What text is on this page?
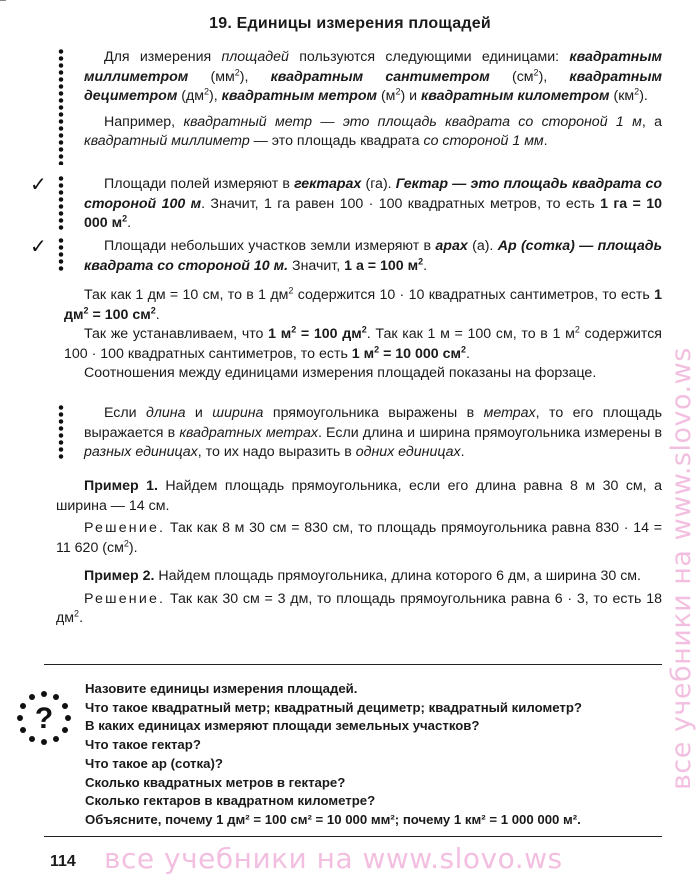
19. Единицы измерения площадей

Для измерения площадей пользуются следующими единицами: квадратным миллиметром $(мм^2)$, квадратным сантиметром $(см^2)$, квадратным дециметром $(дм^2)$, квадратным метром $(м^2)$ и квадратным километром $(км^2)$.

Например, квадратный метр — это площадь квадрата со стороной 1 м, а квадратный миллиметр — это площадь квадрата со стороной 1 мм.

✓	Площади полей измеряют в гектарах (га). Гектар — это площадь квадрата со стороной 100 м. Значит, 1 га равен 100 · 100 квадратных метров, то есть 1 га = 10 000 $м^2$.

✓	Площади небольших участков земли измеряют в арах (а). Ар (сотка) — площадь квадрата со стороной 10 м. Значит, 1 а = 100 $м^2$.

Так как 1 дм = 10 см, то в 1 $дм^2$ содержится 10 · 10 квадратных сантиметров, то есть 1 $дм^2 = 100$ $см^2$.

Так же устанавливаем, что 1 $м^2 = 100$ $дм^2$. Так как 1 м = 100 см, то в 1 $м^2$ содержится 100 · 100 квадратных сантиметров, то есть 1 $м^2 = 10$ 000 $см^2$.

Соотношения между единицами измерения площадей показаны на форзаце.

Если длина и ширина прямоугольника выражены в метрах, то его площадь выражается в квадратных метрах. Если длина и ширина прямоугольника измерены в разных единицах, то их надо выразить в одних единицах.

Пример 1. Найдем площадь прямоугольника, если его длина равна 8 м 30 см, а ширина — 14 см.

Решение. Так как 8 м 30 см = 830 см, то площадь прямоугольника равна 830 · 14 = 11 620 $(см^2)$.

Пример 2. Найдем площадь прямоугольника, длина которого 6 дм, а ширина 30 см.

Решение. Так как 30 см = 3 дм, то площадь прямоугольника равна 6 · 3, то есть 18 $дм^2$.

?
Назовите единицы измерения площадей.
Что такое квадратный метр; квадратный дециметр; квадратный километр?
В каких единицах измеряют площади земельных участков?
Что такое гектар?
Что такое ар (сотка)?
Сколько квадратных метров в гектаре?
Сколько гектаров в квадратном километре?
Объясните, почему 1 дм² = 100 см² = 10 000 мм²; почему 1 км² = 1 000 000 м².
114 все учебники на www.slovo.ws
все учебники на www.slovo.ws
